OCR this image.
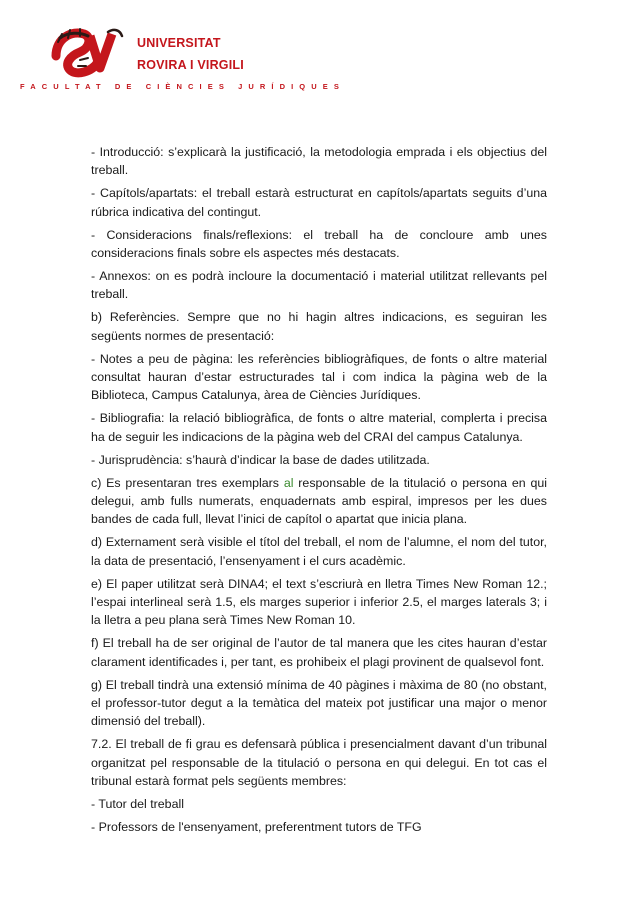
UNIVERSITAT
ROVIRA I VIRGILI
FACULTAT DE CIÈNCIES JURÍDIQUES

- Introducció: s’explicarà la justificació, la metodologia emprada i els objectius del treball.

- Capítols/apartats: el treball estarà estructurat en capítols/apartats seguits d’una rúbrica indicativa del contingut.

- Consideracions finals/reflexions: el treball ha de concloure amb unes consideracions finals sobre els aspectes més destacats.

- Annexos: on es podrà incloure la documentació i material utilitzat rellevants pel treball.

b) Referències. Sempre que no hi hagin altres indicacions, es seguiran les següents normes de presentació:

- Notes a peu de pàgina: les referències bibliogràfiques, de fonts o altre material consultat hauran d’estar estructurades tal i com indica la pàgina web de la Biblioteca, Campus Catalunya, àrea de Ciències Jurídiques.

- Bibliografia: la relació bibliogràfica, de fonts o altre material, complerta i precisa ha de seguir les indicacions de la pàgina web del CRAI del campus Catalunya.

- Jurisprudència: s’haurà d’indicar la base de dades utilitzada.

c) Es presentaran tres exemplars al responsable de la titulació o persona en qui delegui, amb fulls numerats, enquadernats amb espiral, impresos per les dues bandes de cada full, llevat l’inici de capítol o apartat que inicia plana.

d) Externament serà visible el títol del treball, el nom de l’alumne, el nom del tutor, la data de presentació, l’ensenyament i el curs acadèmic.

e) El paper utilitzat serà DINA4; el text s’escriurà en lletra Times New Roman 12.; l’espai interlineal serà 1.5, els marges superior i inferior 2.5, el marges laterals 3; i la lletra a peu plana serà Times New Roman 10.

f) El treball ha de ser original de l’autor de tal manera que les cites hauran d’estar clarament identificades i, per tant, es prohibeix el plagi provinent de qualsevol font.

g) El treball tindrà una extensió mínima de 40 pàgines i màxima de 80 (no obstant, el professor-tutor degut a la temàtica del mateix pot justificar una major o menor dimensió del treball).

7.2. El treball de fi grau es defensarà pública i presencialment davant d’un tribunal organitzat pel responsable de la titulació o persona en qui delegui. En tot cas el tribunal estarà format pels següents membres:

- Tutor del treball

- Professors de l'ensenyament, preferentment tutors de TFG
